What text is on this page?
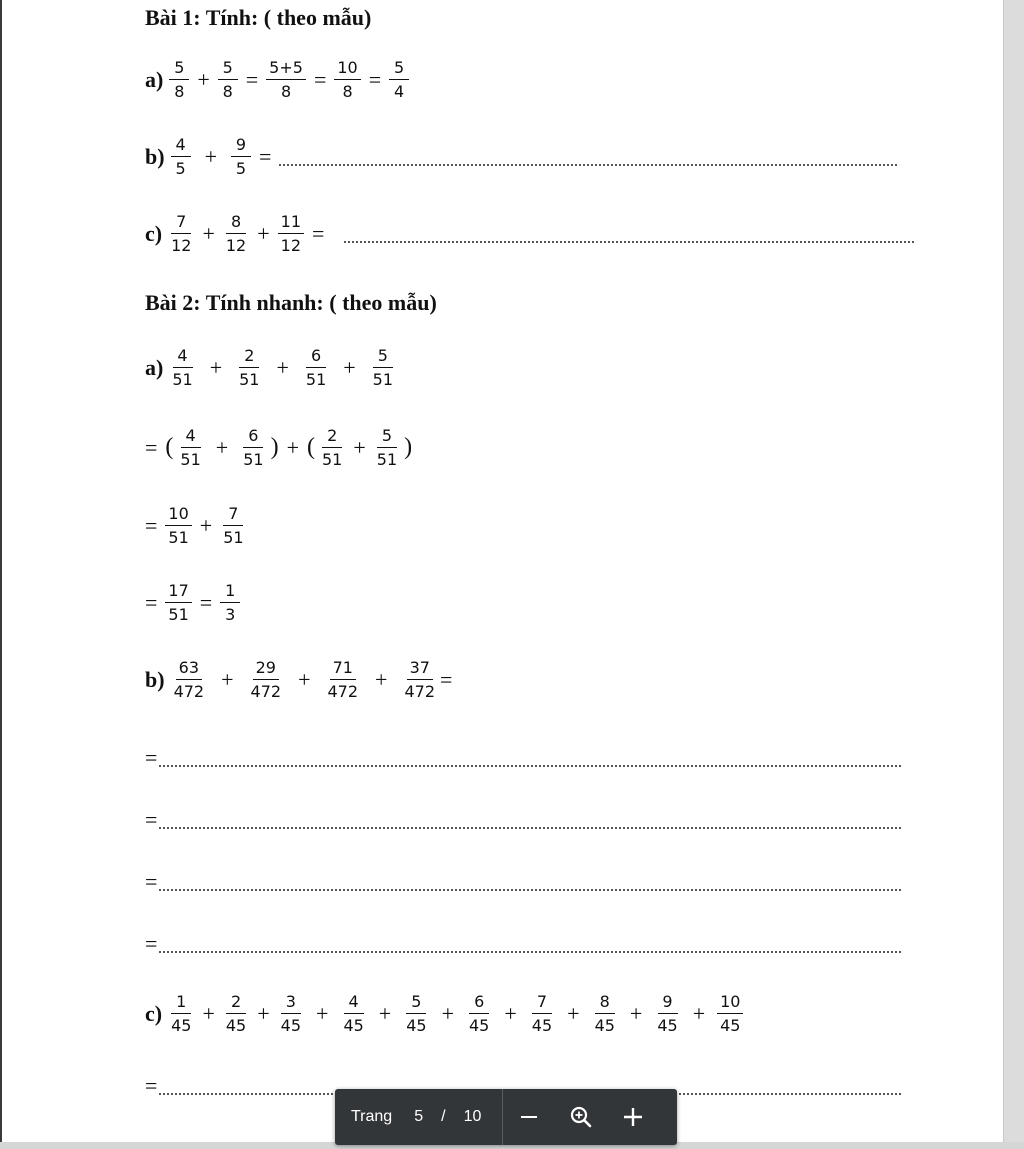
Bài 1: Tính: ( theo mẫu)
$a) \frac{5}{8} + \frac{5}{8} = \frac{5+5}{8} = \frac{10}{8} = \frac{5}{4}$
$b) \frac{4}{5} + \frac{9}{5}$ =
$c) \frac{7}{12} + \frac{8}{12} + \frac{11}{12}$ =
Bài 2: Tính nhanh: ( theo mẫu)
$a) \frac{4}{51} + \frac{2}{51} + \frac{6}{51} + \frac{5}{51}$
= ( $\frac{4}{51} + \frac{6}{51}$ ) + ( $\frac{2}{51} + \frac{5}{51}$ )
= $\frac{10}{51} + \frac{7}{51}$
= $\frac{17}{51} = \frac{1}{3}$
$b) \frac{63}{472} + \frac{29}{472} + \frac{71}{472} + \frac{37}{472}$ =
=
=
=
=
$c) \frac{1}{45} + \frac{2}{45} + \frac{3}{45} + \frac{4}{45} + \frac{5}{45} + \frac{6}{45} + \frac{7}{45} + \frac{8}{45} + \frac{9}{45} + \frac{10}{45}$
=
Trang 5 / 10
